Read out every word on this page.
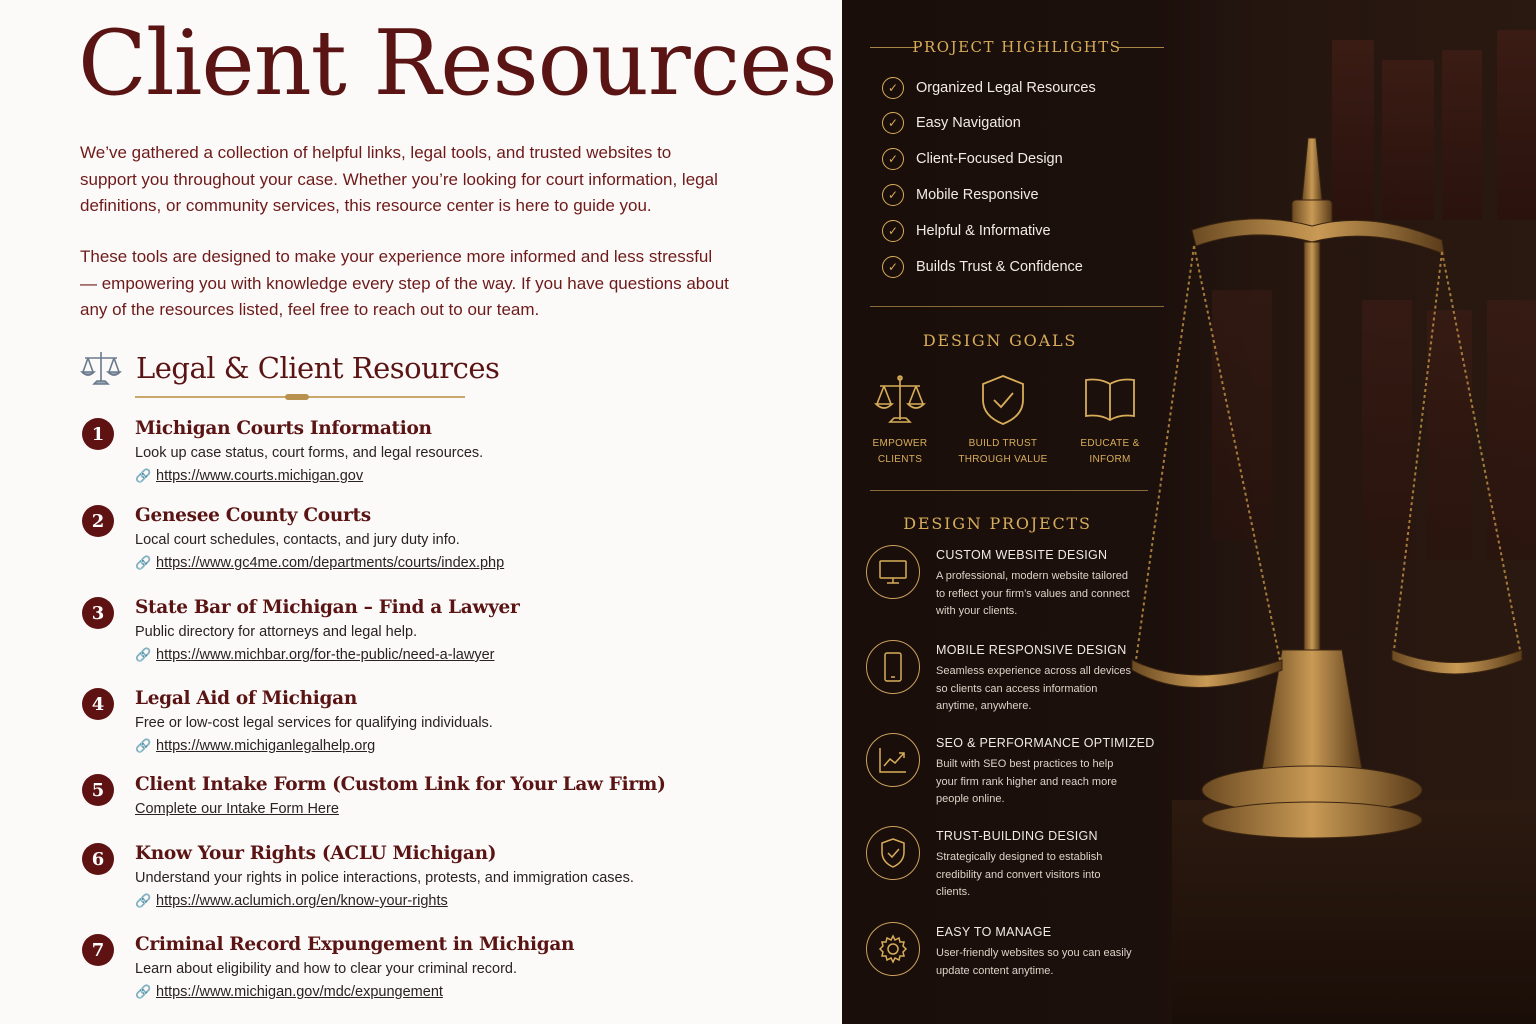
Client Resources

We’ve gathered a collection of helpful links, legal tools, and trusted websites to support you throughout your case. Whether you’re looking for court information, legal definitions, or community services, this resource center is here to guide you.

These tools are designed to make your experience more informed and less stressful — empowering you with knowledge every step of the way. If you have questions about any of the resources listed, feel free to reach out to our team.

Legal & Client Resources
1	Michigan Courts Information
Look up case status, court forms, and legal resources.
🔗 https://www.courts.michigan.gov
2	Genesee County Courts
Local court schedules, contacts, and jury duty info.
🔗 https://www.gc4me.com/departments/courts/index.php
3	State Bar of Michigan – Find a Lawyer
Public directory for attorneys and legal help.
🔗 https://www.michbar.org/for-the-public/need-a-lawyer
4	Legal Aid of Michigan
Free or low-cost legal services for qualifying individuals.
🔗 https://www.michiganlegalhelp.org
5	Client Intake Form (Custom Link for Your Law Firm)
Complete our Intake Form Here
6	Know Your Rights (ACLU Michigan)
Understand your rights in police interactions, protests, and immigration cases.
🔗 https://www.aclumich.org/en/know-your-rights
7	Criminal Record Expungement in Michigan
Learn about eligibility and how to clear your criminal record.
🔗 https://www.michigan.gov/mdc/expungement
PROJECT HIGHLIGHTS
✓	Organized Legal Resources
✓	Easy Navigation
✓	Client-Focused Design
✓	Mobile Responsive
✓	Helpful & Informative
✓	Builds Trust & Confidence
DESIGN GOALS
EMPOWER
CLIENTS
BUILD TRUST
THROUGH VALUE
EDUCATE &
INFORM
DESIGN PROJECTS
CUSTOM WEBSITE DESIGN
A professional, modern website tailored to reflect your firm’s values and connect with your clients.
MOBILE RESPONSIVE DESIGN
Seamless experience across all devices so clients can access information anytime, anywhere.
SEO & PERFORMANCE OPTIMIZED
Built with SEO best practices to help your firm rank higher and reach more people online.
TRUST-BUILDING DESIGN
Strategically designed to establish credibility and convert visitors into clients.
EASY TO MANAGE
User-friendly websites so you can easily update content anytime.
